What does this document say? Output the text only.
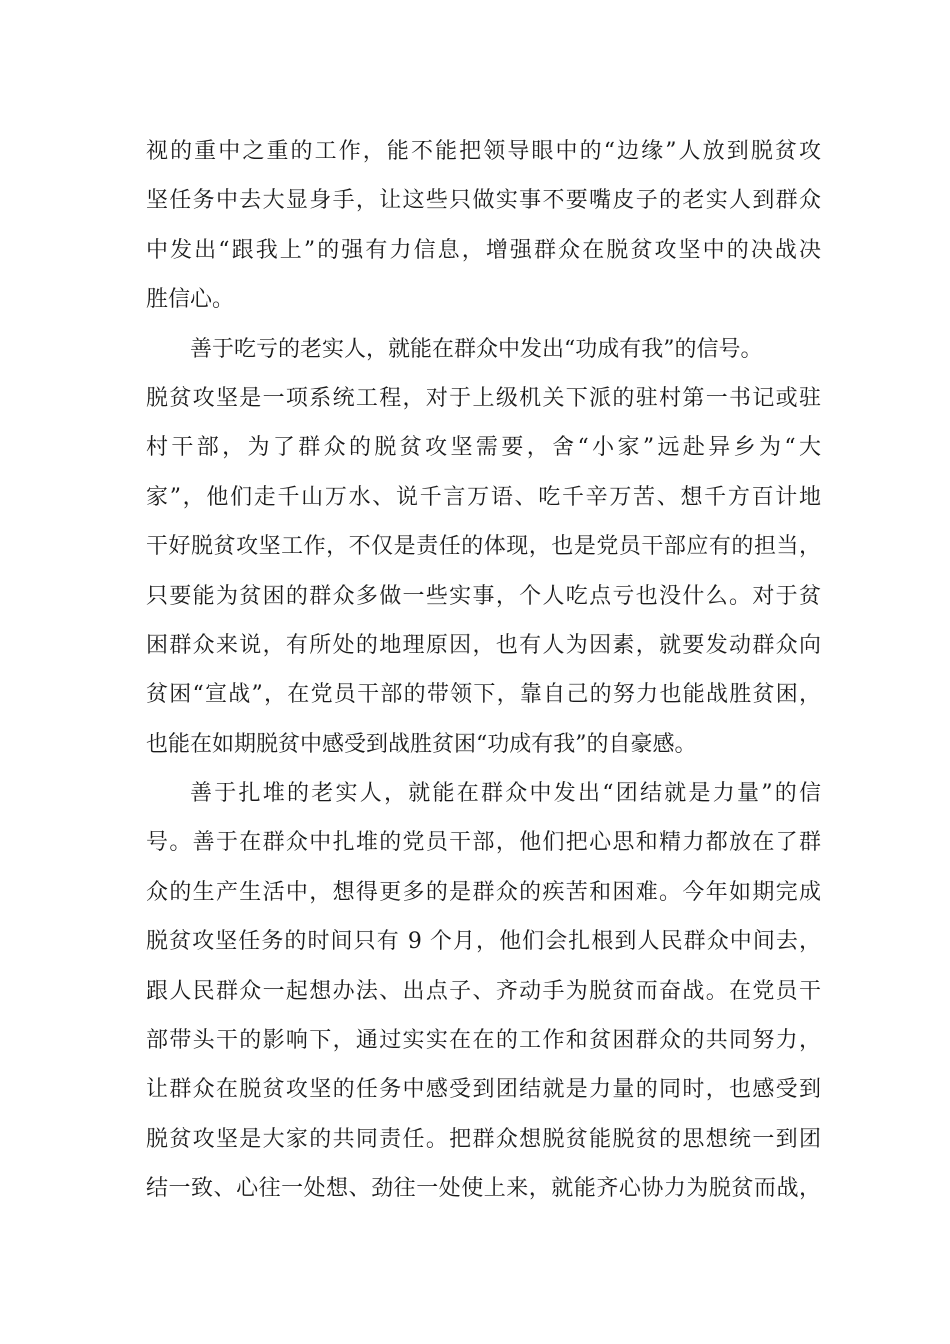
视的重中之重的工作，能不能把领导眼中的“边缘”人放到脱贫攻
坚任务中去大显身手，让这些只做实事不要嘴皮子的老实人到群众
中发出“跟我上”的强有力信息，增强群众在脱贫攻坚中的决战决
胜信心。
善于吃亏的老实人，就能在群众中发出“功成有我”的信号。
脱贫攻坚是一项系统工程，对于上级机关下派的驻村第一书记或驻
村干部，为了群众的脱贫攻坚需要，舍“小家”远赴异乡为“大
家”，他们走千山万水、说千言万语、吃千辛万苦、想千方百计地
干好脱贫攻坚工作，不仅是责任的体现，也是党员干部应有的担当，
只要能为贫困的群众多做一些实事，个人吃点亏也没什么。对于贫
困群众来说，有所处的地理原因，也有人为因素，就要发动群众向
贫困“宣战”，在党员干部的带领下，靠自己的努力也能战胜贫困，
也能在如期脱贫中感受到战胜贫困“功成有我”的自豪感。
善于扎堆的老实人，就能在群众中发出“团结就是力量”的信
号。善于在群众中扎堆的党员干部，他们把心思和精力都放在了群
众的生产生活中，想得更多的是群众的疾苦和困难。今年如期完成
脱贫攻坚任务的时间只有 9 个月，他们会扎根到人民群众中间去，
跟人民群众一起想办法、出点子、齐动手为脱贫而奋战。在党员干
部带头干的影响下，通过实实在在的工作和贫困群众的共同努力，
让群众在脱贫攻坚的任务中感受到团结就是力量的同时，也感受到
脱贫攻坚是大家的共同责任。把群众想脱贫能脱贫的思想统一到团
结一致、心往一处想、劲往一处使上来，就能齐心协力为脱贫而战，
